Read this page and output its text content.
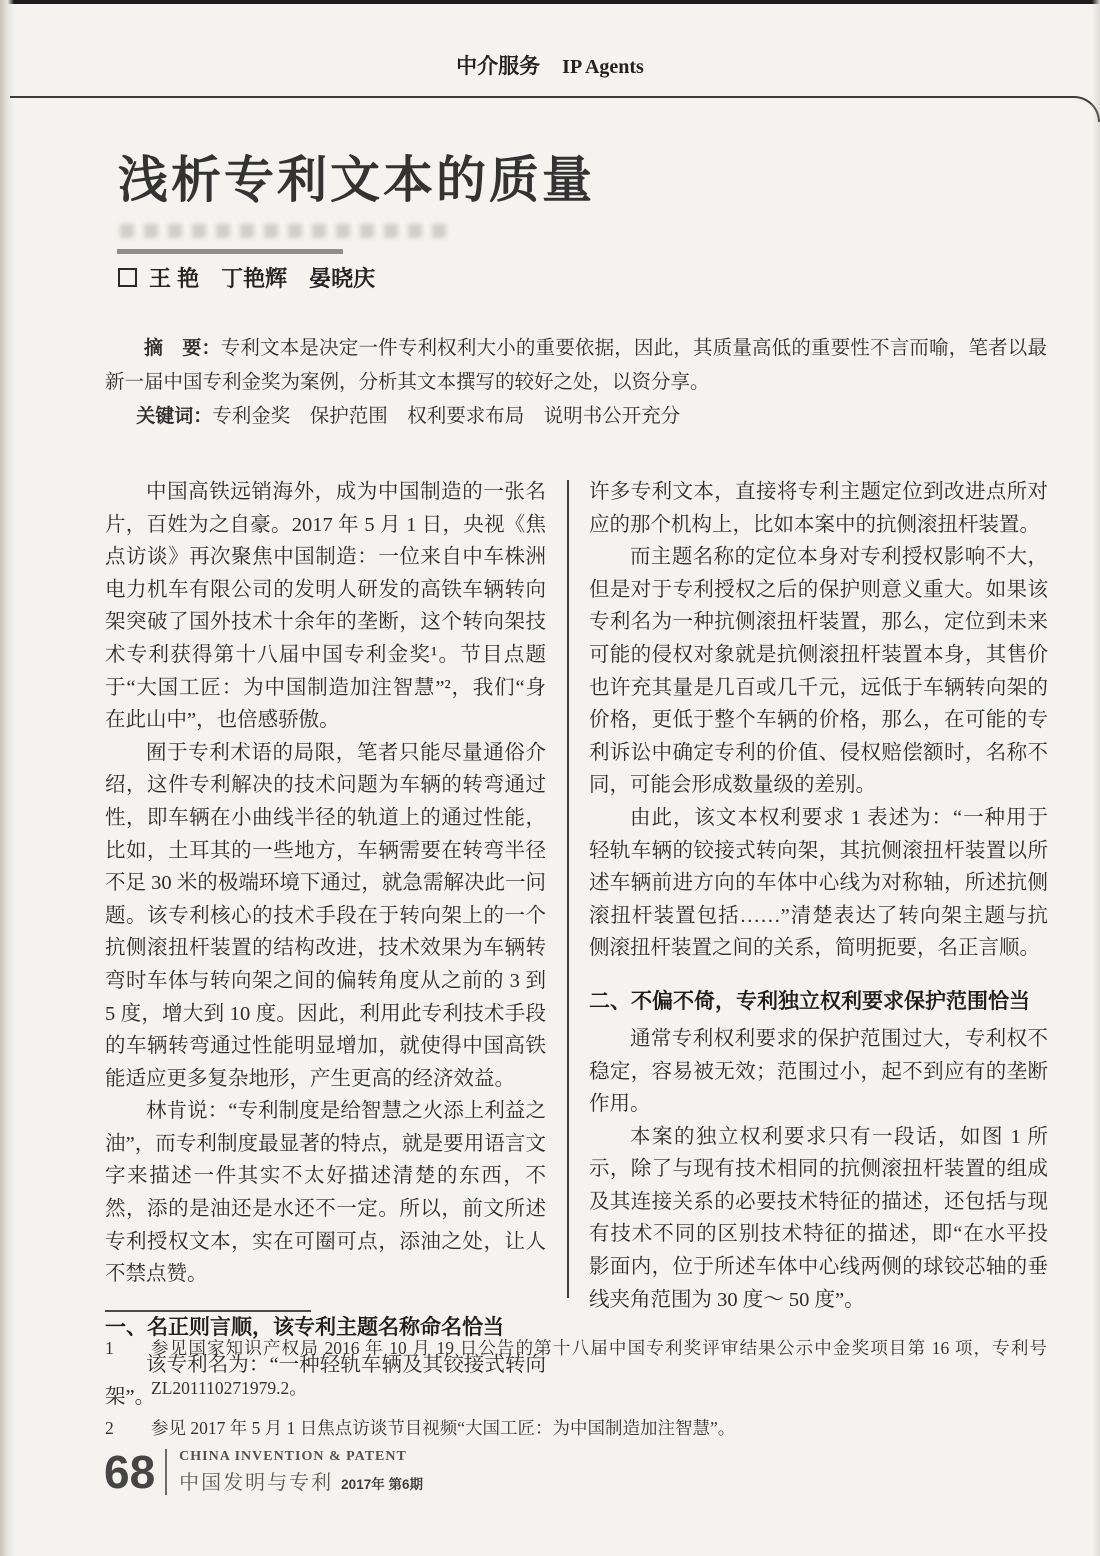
中介服务 IP Agents
浅析专利文本的质量
王 艳　丁艳辉　晏晓庆

摘　要：专利文本是决定一件专利权利大小的重要依据，因此，其质量高低的重要性不言而喻，笔者以最新一届中国专利金奖为案例，分析其文本撰写的较好之处，以资分享。

关键词：专利金奖　保护范围　权利要求布局　说明书公开充分

中国高铁远销海外，成为中国制造的一张名片，百姓为之自豪。2017 年 5 月 1 日，央视《焦点访谈》再次聚焦中国制造：一位来自中车株洲电力机车有限公司的发明人研发的高铁车辆转向架突破了国外技术十余年的垄断，这个转向架技术专利获得第十八届中国专利金奖¹。节目点题于“大国工匠：为中国制造加注智慧”²，我们“身在此山中”，也倍感骄傲。

囿于专利术语的局限，笔者只能尽量通俗介绍，这件专利解决的技术问题为车辆的转弯通过性，即车辆在小曲线半径的轨道上的通过性能，比如，土耳其的一些地方，车辆需要在转弯半径不足 30 米的极端环境下通过，就急需解决此一问题。该专利核心的技术手段在于转向架上的一个抗侧滚扭杆装置的结构改进，技术效果为车辆转弯时车体与转向架之间的偏转角度从之前的 3 到 5 度，增大到 10 度。因此，利用此专利技术手段的车辆转弯通过性能明显增加，就使得中国高铁能适应更多复杂地形，产生更高的经济效益。

林肯说：“专利制度是给智慧之火添上利益之油”，而专利制度最显著的特点，就是要用语言文字来描述一件其实不太好描述清楚的东西，不然，添的是油还是水还不一定。所以，前文所述专利授权文本，实在可圈可点，添油之处，让人不禁点赞。

一、名正则言顺，该专利主题名称命名恰当

该专利名为：“一种轻轨车辆及其铰接式转向架”。

许多专利文本，直接将专利主题定位到改进点所对应的那个机构上，比如本案中的抗侧滚扭杆装置。

而主题名称的定位本身对专利授权影响不大，但是对于专利授权之后的保护则意义重大。如果该专利名为一种抗侧滚扭杆装置，那么，定位到未来可能的侵权对象就是抗侧滚扭杆装置本身，其售价也许充其量是几百或几千元，远低于车辆转向架的价格，更低于整个车辆的价格，那么，在可能的专利诉讼中确定专利的价值、侵权赔偿额时，名称不同，可能会形成数量级的差别。

由此，该文本权利要求 1 表述为：“一种用于轻轨车辆的铰接式转向架，其抗侧滚扭杆装置以所述车辆前进方向的车体中心线为对称轴，所述抗侧滚扭杆装置包括……”清楚表达了转向架主题与抗侧滚扭杆装置之间的关系，简明扼要，名正言顺。

二、不偏不倚，专利独立权利要求保护范围恰当

通常专利权利要求的保护范围过大，专利权不稳定，容易被无效；范围过小，起不到应有的垄断作用。

本案的独立权利要求只有一段话，如图 1 所示，除了与现有技术相同的抗侧滚扭杆装置的组成及其连接关系的必要技术特征的描述，还包括与现有技术不同的区别技术特征的描述，即“在水平投影面内，位于所述车体中心线两侧的球铰芯轴的垂线夹角范围为 30 度～ 50 度”。

1	参见国家知识产权局 2016 年 10 月 19 日公告的第十八届中国专利奖评审结果公示中金奖项目第 16 项，专利号 ZL201110271979.2。
2	参见 2017 年 5 月 1 日焦点访谈节目视频“大国工匠：为中国制造加注智慧”。
68 CHINA INVENTION & PATENT
中国发明与专利 2017年 第6期
